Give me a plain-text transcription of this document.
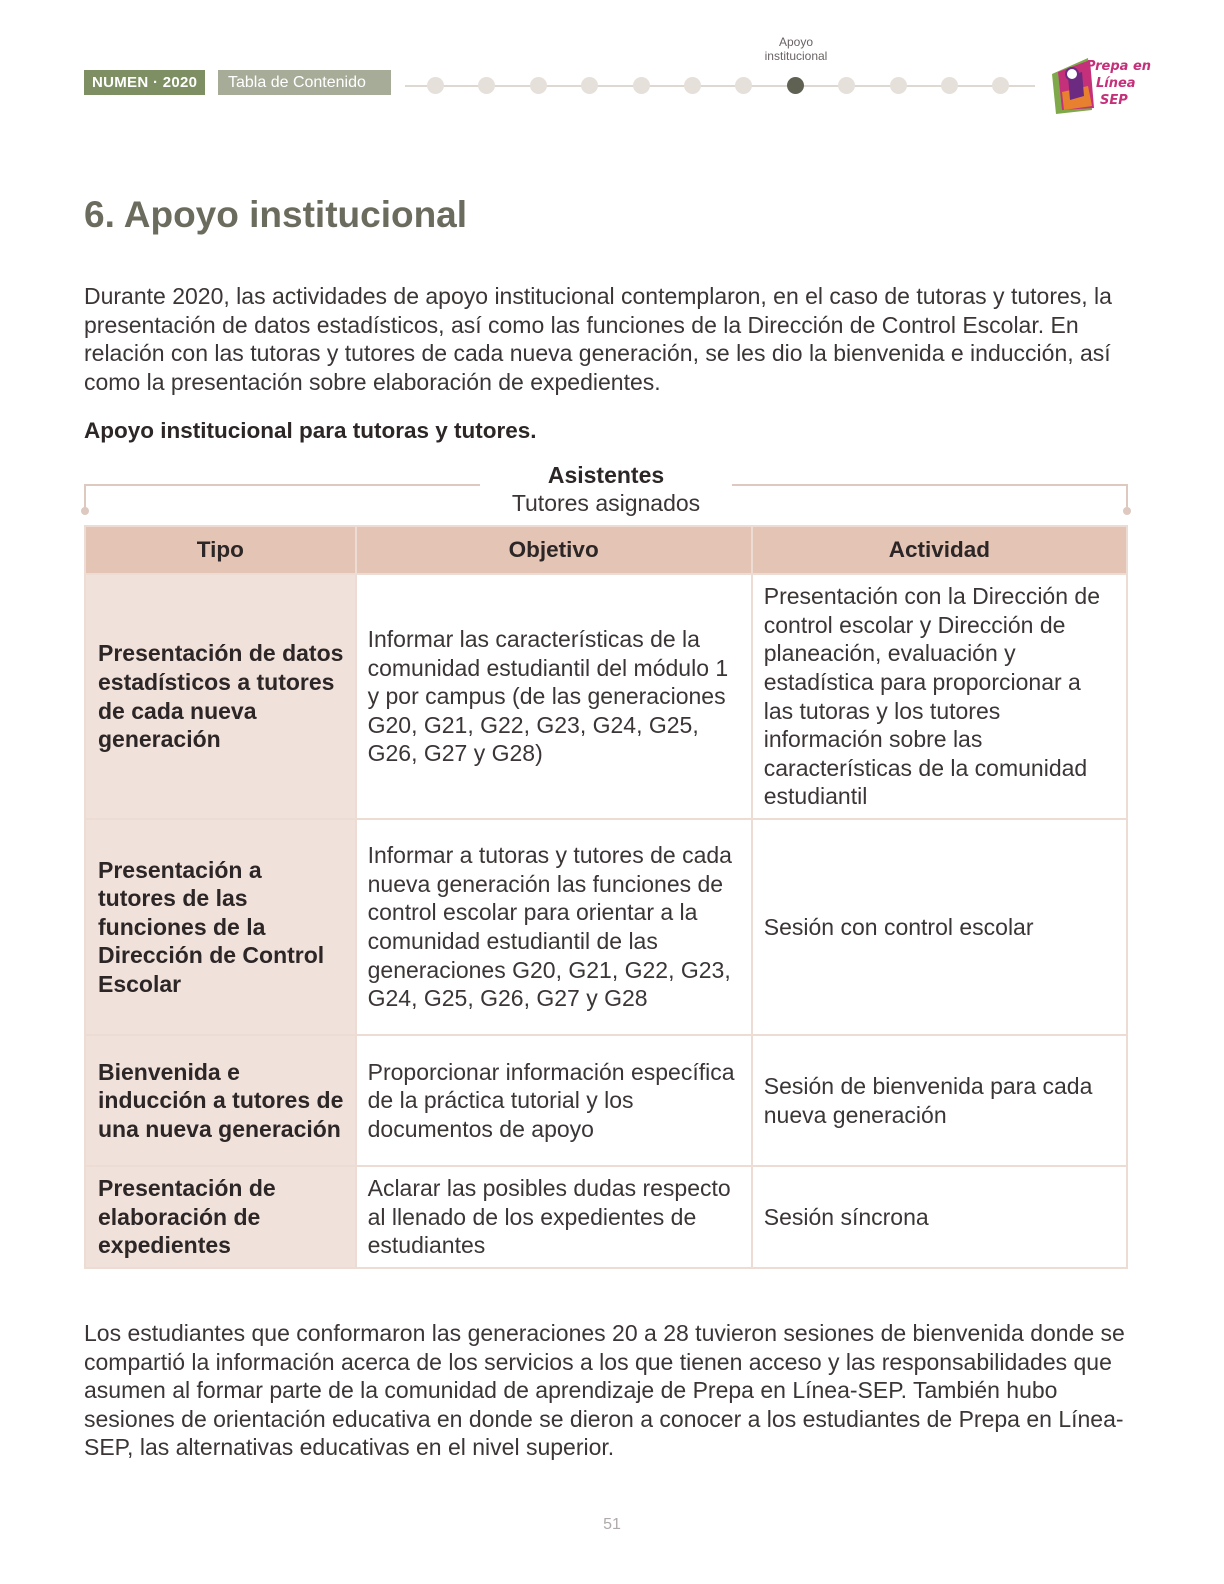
NUMEN · 2020	Tabla de Contenido
Apoyo institucional
Prepa en
Línea
SEP
6. Apoyo institucional
Durante 2020, las actividades de apoyo institucional contemplaron, en el caso de tutoras y tutores, la presentación de datos estadísticos, así como las funciones de la Dirección de Control Escolar. En relación con las tutoras y tutores de cada nueva generación, se les dio la bienvenida e inducción, así como la presentación sobre elaboración de expedientes.
Apoyo institucional para tutoras y tutores.
Asistentes
Tutores asignados
Tipo	Objetivo	Actividad
Presentación de datos estadísticos a tutores de cada nueva generación	Informar las características de la comunidad estudiantil del módulo 1 y por campus (de las generaciones G20, G21, G22, G23, G24, G25, G26, G27 y G28)	Presentación con la Dirección de control escolar y Dirección de planeación, evaluación y estadística para proporcionar a las tutoras y los tutores información sobre las características de la comunidad estudiantil
Presentación a tutores de las funciones de la Dirección de Control Escolar	Informar a tutoras y tutores de cada nueva generación las funciones de control escolar para orientar a la comunidad estudiantil de las generaciones G20, G21, G22, G23, G24, G25, G26, G27 y G28	Sesión con control escolar
Bienvenida e inducción a tutores de una nueva generación	Proporcionar información específica de la práctica tutorial y los documentos de apoyo	Sesión de bienvenida para cada nueva generación
Presentación de elaboración de expedientes	Aclarar las posibles dudas respecto al llenado de los expedientes de estudiantes	Sesión síncrona
Los estudiantes que conformaron las generaciones 20 a 28 tuvieron sesiones de bienvenida donde se compartió la información acerca de los servicios a los que tienen acceso y las responsabilidades que asumen al formar parte de la comunidad de aprendizaje de Prepa en Línea-SEP. También hubo sesiones de orientación educativa en donde se dieron a conocer a los estudiantes de Prepa en Línea-SEP, las alternativas educativas en el nivel superior.
51
